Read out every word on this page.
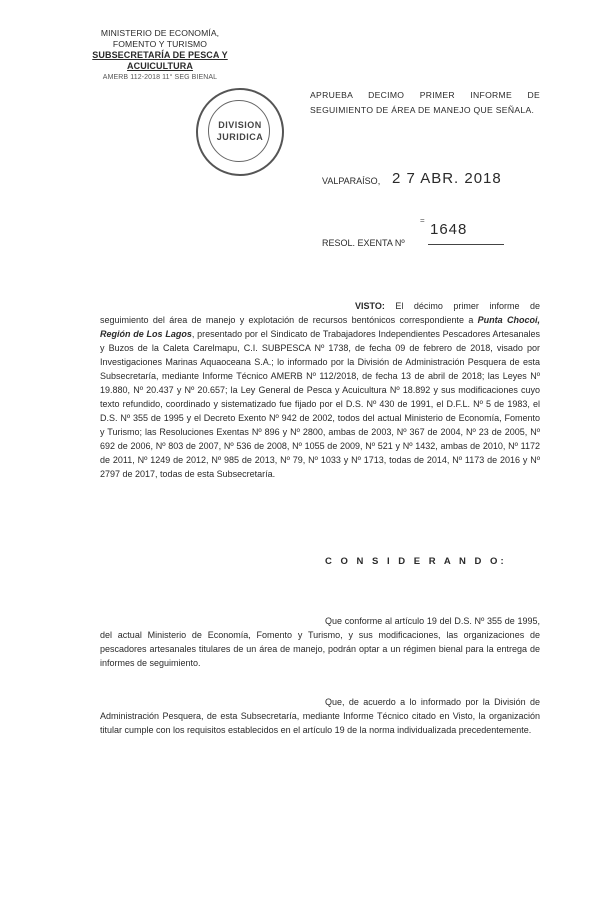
MINISTERIO DE ECONOMÍA,
FOMENTO Y TURISMO
SUBSECRETARÍA DE PESCA Y ACUICULTURA
AMERB 112-2018 11° SEG BIENAL
DIVISION
JURIDICA
APRUEBA DECIMO PRIMER INFORME DE SEGUIMIENTO DE ÁREA DE MANEJO QUE SEÑALA.
VALPARAÍSO, 2 7 ABR. 2018
=
RESOL. EXENTA Nº
1648
VISTO: El décimo primer informe de seguimiento del área de manejo y explotación de recursos bentónicos correspondiente a Punta Chocoi, Región de Los Lagos, presentado por el Sindicato de Trabajadores Independientes Pescadores Artesanales y Buzos de la Caleta Carelmapu, C.I. SUBPESCA Nº 1738, de fecha 09 de febrero de 2018, visado por Investigaciones Marinas Aquaoceana S.A.; lo informado por la División de Administración Pesquera de esta Subsecretaría, mediante Informe Técnico AMERB Nº 112/2018, de fecha 13 de abril de 2018; las Leyes Nº 19.880, Nº 20.437 y Nº 20.657; la Ley General de Pesca y Acuicultura Nº 18.892 y sus modificaciones cuyo texto refundido, coordinado y sistematizado fue fijado por el D.S. Nº 430 de 1991, el D.F.L. Nº 5 de 1983, el D.S. Nº 355 de 1995 y el Decreto Exento Nº 942 de 2002, todos del actual Ministerio de Economía, Fomento y Turismo; las Resoluciones Exentas Nº 896 y Nº 2800, ambas de 2003, Nº 367 de 2004, Nº 23 de 2005, Nº 692 de 2006, Nº 803 de 2007, Nº 536 de 2008, Nº 1055 de 2009, Nº 521 y Nº 1432, ambas de 2010, Nº 1172 de 2011, Nº 1249 de 2012, Nº 985 de 2013, Nº 79, Nº 1033 y Nº 1713, todas de 2014, Nº 1173 de 2016 y Nº 2797 de 2017, todas de esta Subsecretaría.
C O N S I D E R A N D O:
Que conforme al artículo 19 del D.S. Nº 355 de 1995, del actual Ministerio de Economía, Fomento y Turismo, y sus modificaciones, las organizaciones de pescadores artesanales titulares de un área de manejo, podrán optar a un régimen bienal para la entrega de informes de seguimiento.
Que, de acuerdo a lo informado por la División de Administración Pesquera, de esta Subsecretaría, mediante Informe Técnico citado en Visto, la organización titular cumple con los requisitos establecidos en el artículo 19 de la norma individualizada precedentemente.
